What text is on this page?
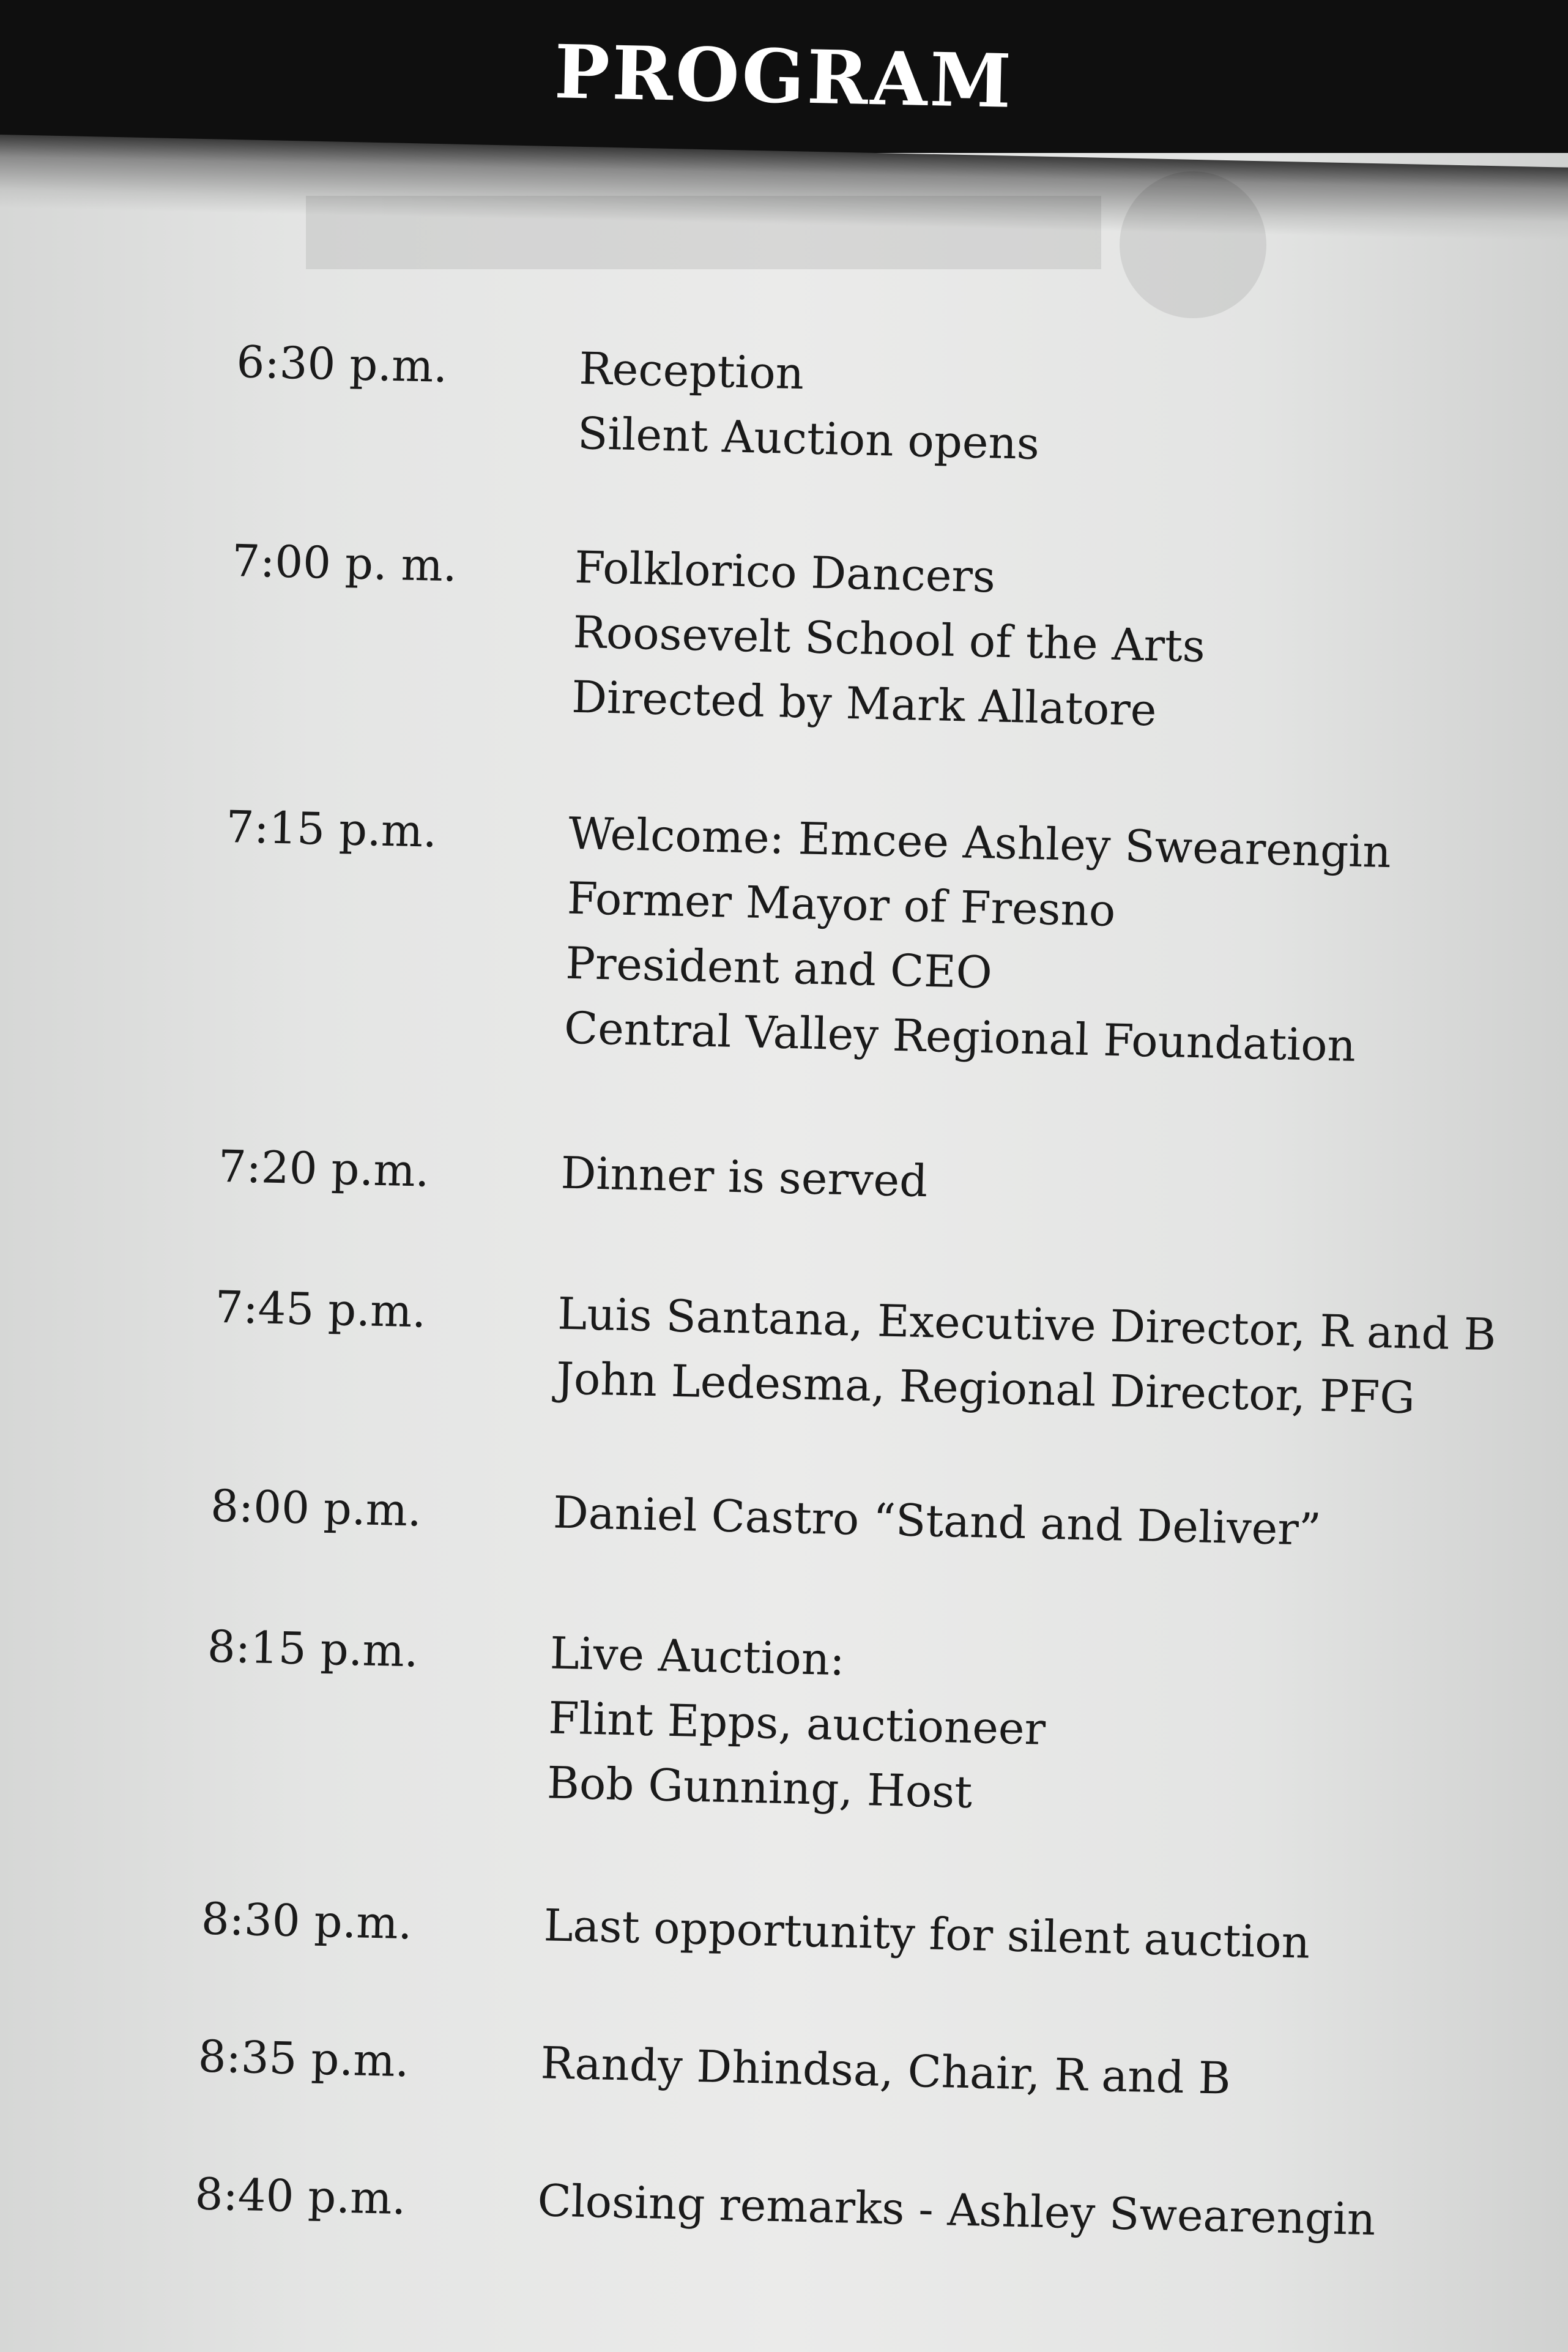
PROGRAM
6:30 p.m.	Reception
Silent Auction opens
7:00 p. m.	Folklorico Dancers
Roosevelt School of the Arts
Directed by Mark Allatore
7:15 p.m.	Welcome: Emcee Ashley Swearengin
Former Mayor of Fresno
President and CEO
Central Valley Regional Foundation
7:20 p.m.	Dinner is served
7:45 p.m.	Luis Santana, Executive Director, R and B
John Ledesma, Regional Director, PFG
8:00 p.m.	Daniel Castro “Stand and Deliver”
8:15 p.m.	Live Auction:
Flint Epps, auctioneer
Bob Gunning, Host
8:30 p.m.	Last opportunity for silent auction
8:35 p.m.	Randy Dhindsa, Chair, R and B
8:40 p.m.	Closing remarks - Ashley Swearengin
